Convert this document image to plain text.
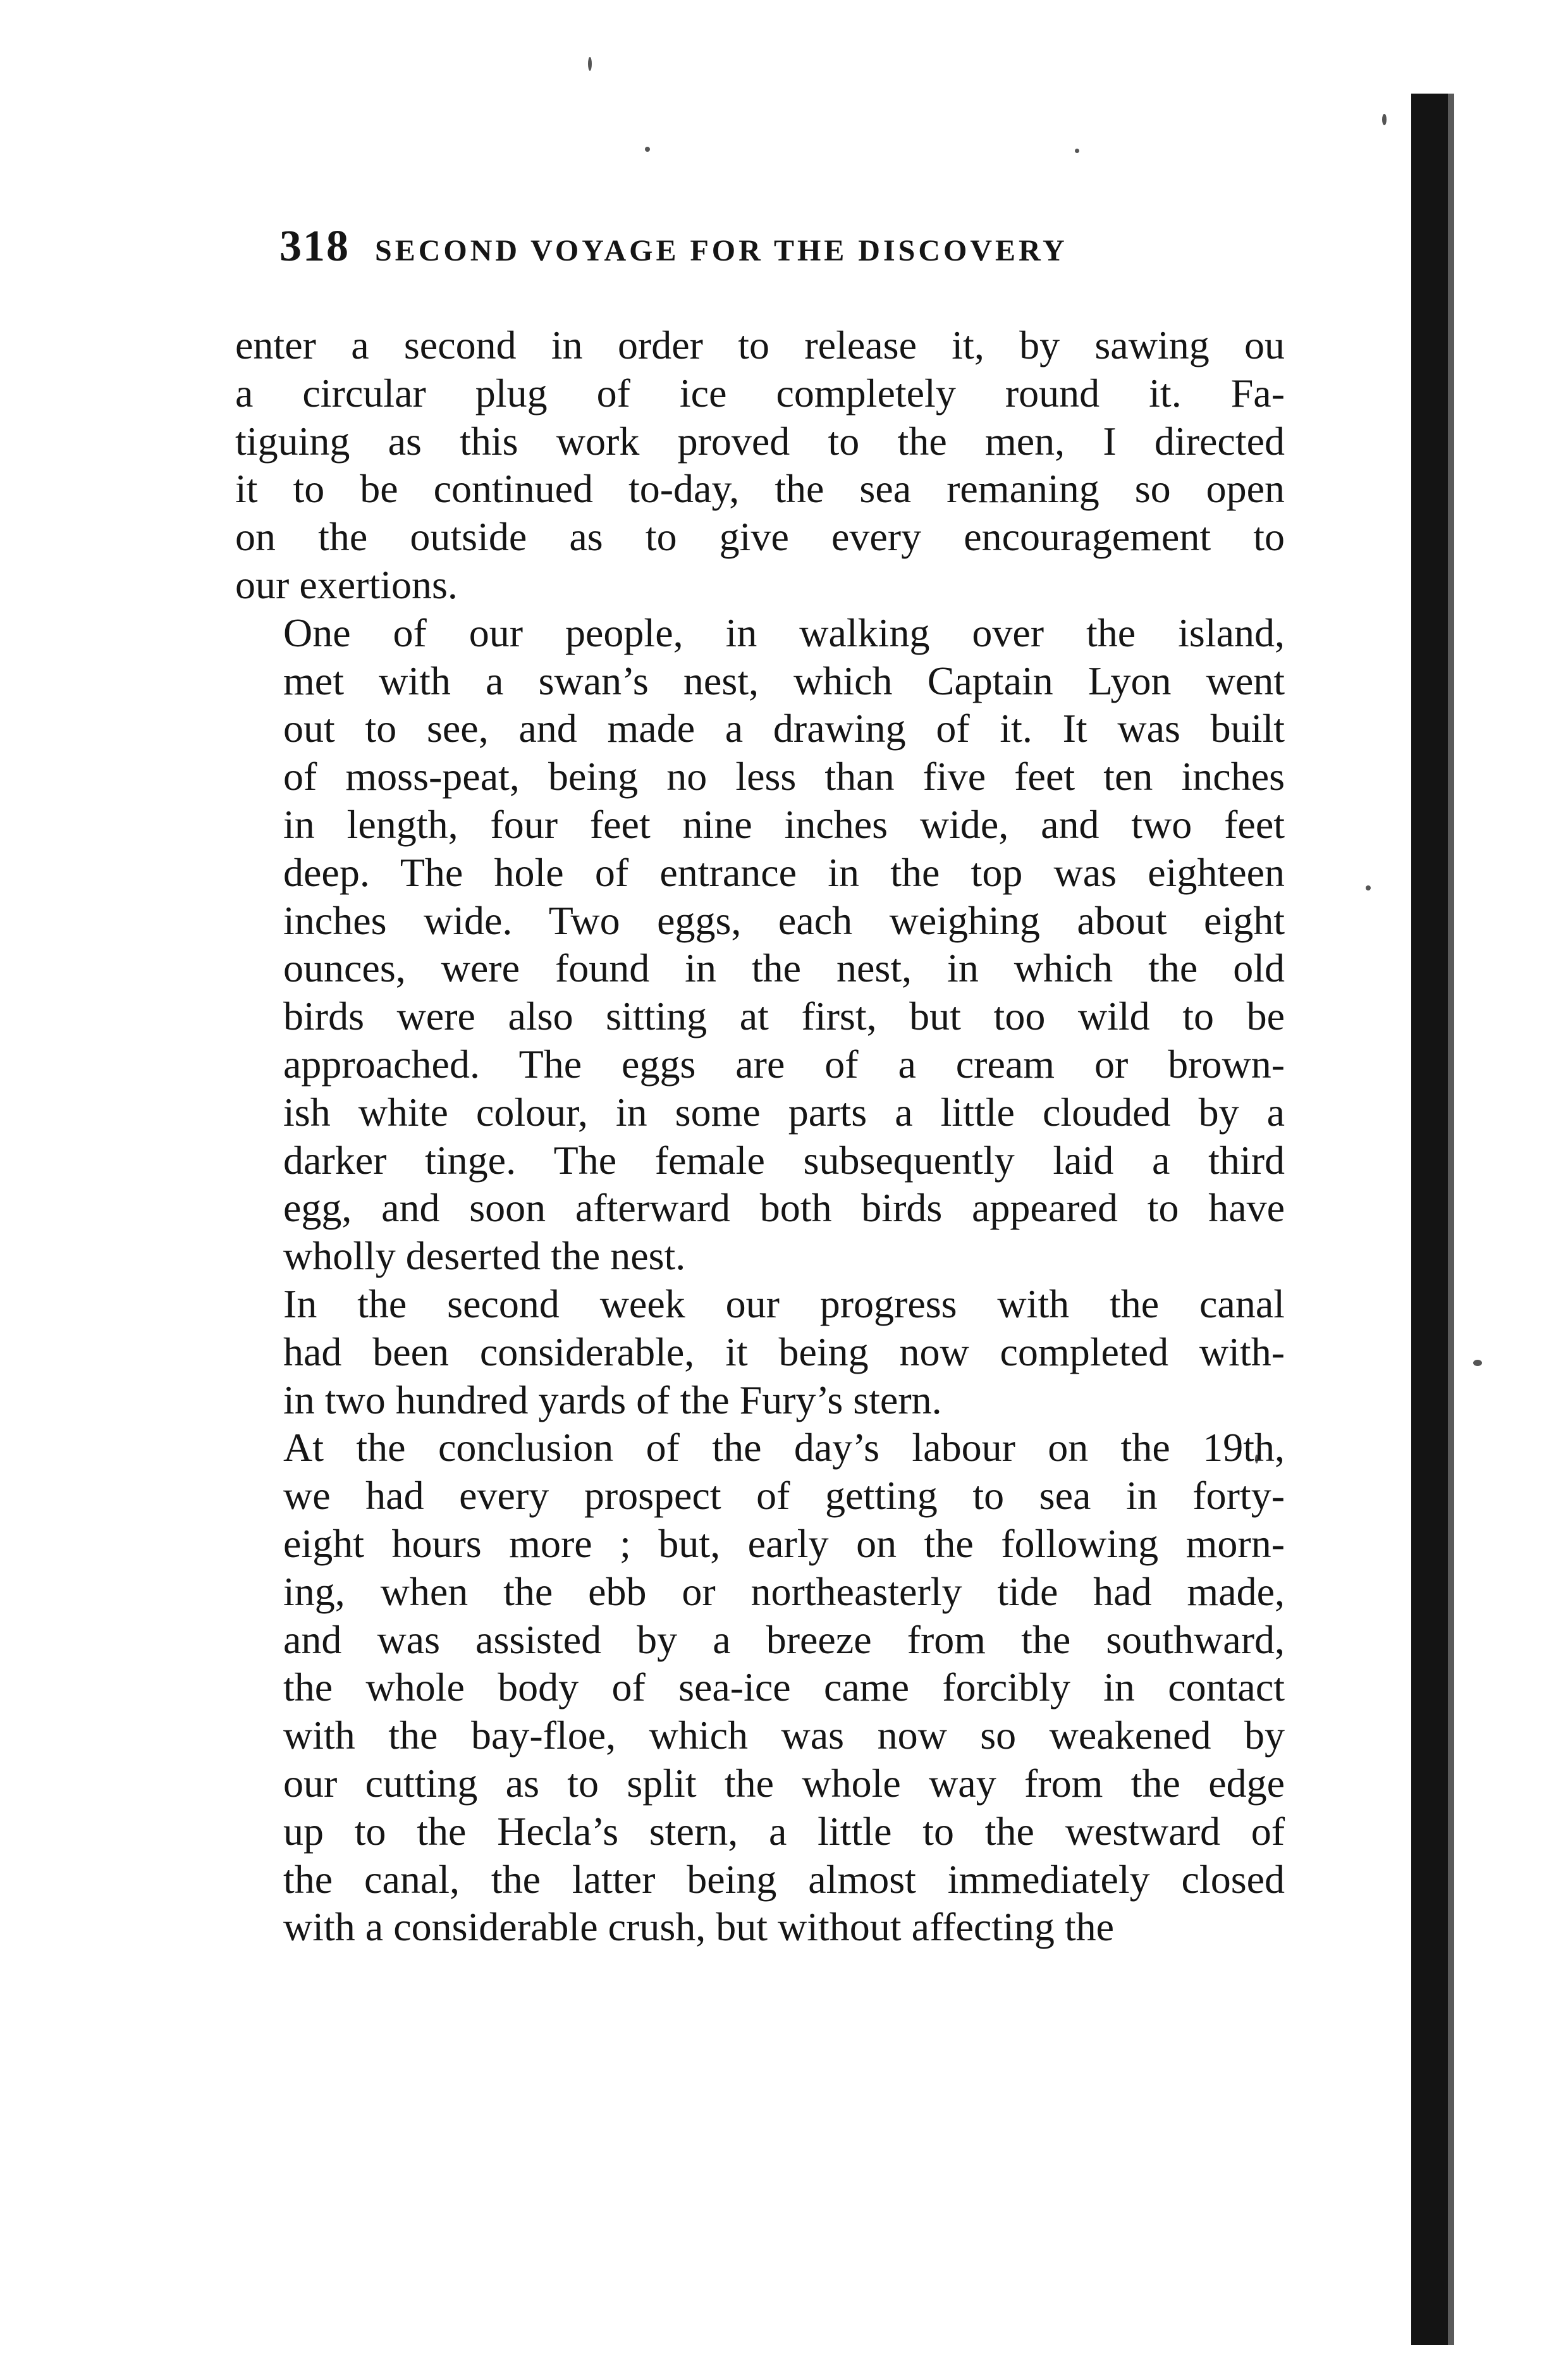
318 SECOND VOYAGE FOR THE DISCOVERY

enter a second in order to release it, by sawing ou
a circular plug of ice completely round it. Fa-
tiguing as this work proved to the men, I directed
it to be continued to-day, the sea remaning so open
on the outside as to give every encouragement to
our exertions.

One of our people, in walking over the island,
met with a swan’s nest, which Captain Lyon went
out to see, and made a drawing of it. It was built
of moss-peat, being no less than five feet ten inches
in length, four feet nine inches wide, and two feet
deep. The hole of entrance in the top was eighteen
inches wide. Two eggs, each weighing about eight
ounces, were found in the nest, in which the old
birds were also sitting at first, but too wild to be
approached. The eggs are of a cream or brown-
ish white colour, in some parts a little clouded by a
darker tinge. The female subsequently laid a third
egg, and soon afterward both birds appeared to have
wholly deserted the nest.

In the second week our progress with the canal
had been considerable, it being now completed with-
in two hundred yards of the Fury’s stern.

At the conclusion of the day’s labour on the 19th,
we had every prospect of getting to sea in forty-
eight hours more ; but, early on the following morn-
ing, when the ebb or northeasterly tide had made,
and was assisted by a breeze from the southward,
the whole body of sea-ice came forcibly in contact
with the bay-floe, which was now so weakened by
our cutting as to split the whole way from the edge
up to the Hecla’s stern, a little to the westward of
the canal, the latter being almost immediately closed
with a considerable crush, but without affecting the
